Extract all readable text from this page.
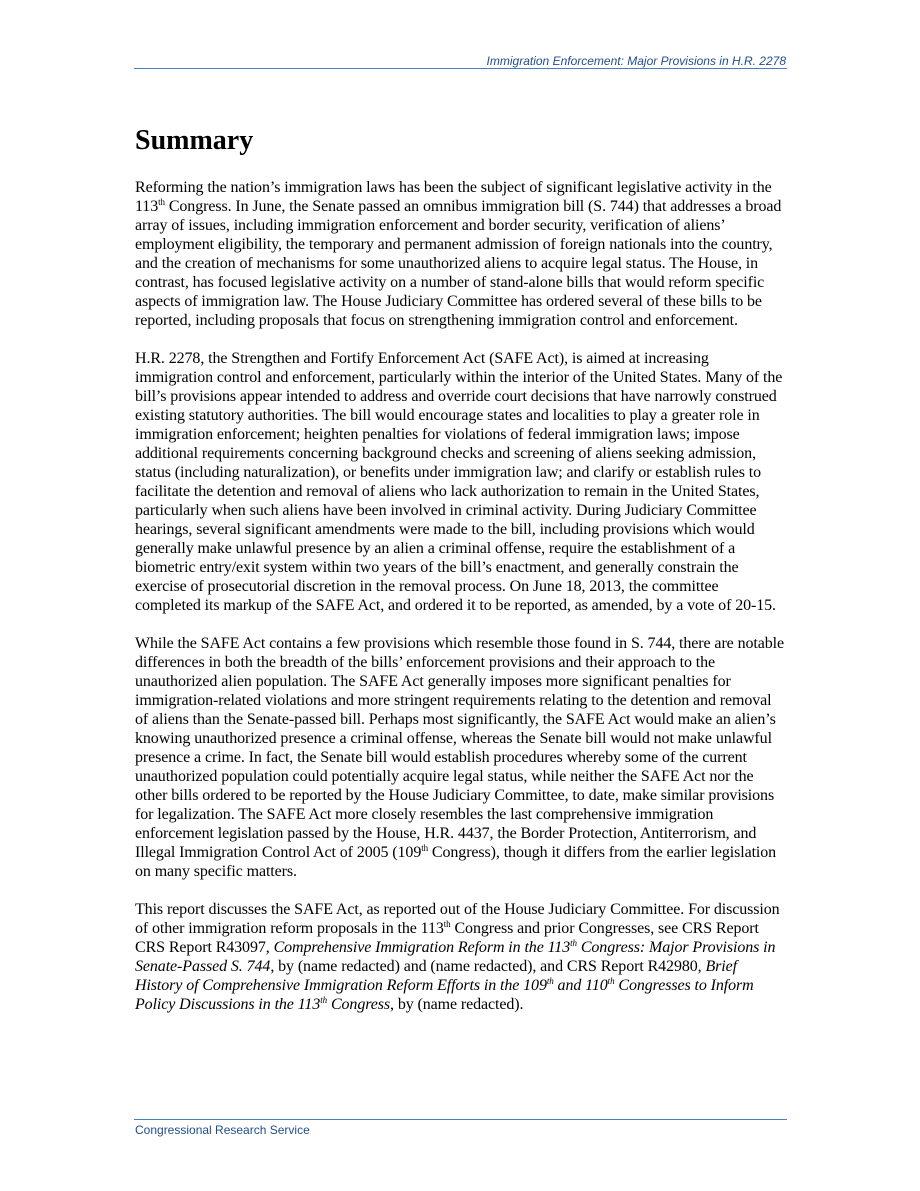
Immigration Enforcement: Major Provisions in H.R. 2278
Summary

Reforming the nation’s immigration laws has been the subject of significant legislative activity in the 113th Congress. In June, the Senate passed an omnibus immigration bill (S. 744) that addresses a broad array of issues, including immigration enforcement and border security, verification of aliens’ employment eligibility, the temporary and permanent admission of foreign nationals into the country, and the creation of mechanisms for some unauthorized aliens to acquire legal status. The House, in contrast, has focused legislative activity on a number of stand-alone bills that would reform specific aspects of immigration law. The House Judiciary Committee has ordered several of these bills to be reported, including proposals that focus on strengthening immigration control and enforcement.

H.R. 2278, the Strengthen and Fortify Enforcement Act (SAFE Act), is aimed at increasing immigration control and enforcement, particularly within the interior of the United States. Many of the bill’s provisions appear intended to address and override court decisions that have narrowly construed existing statutory authorities. The bill would encourage states and localities to play a greater role in immigration enforcement; heighten penalties for violations of federal immigration laws; impose additional requirements concerning background checks and screening of aliens seeking admission, status (including naturalization), or benefits under immigration law; and clarify or establish rules to facilitate the detention and removal of aliens who lack authorization to remain in the United States, particularly when such aliens have been involved in criminal activity. During Judiciary Committee hearings, several significant amendments were made to the bill, including provisions which would generally make unlawful presence by an alien a criminal offense, require the establishment of a biometric entry/exit system within two years of the bill’s enactment, and generally constrain the exercise of prosecutorial discretion in the removal process. On June 18, 2013, the committee completed its markup of the SAFE Act, and ordered it to be reported, as amended, by a vote of 20-15.

While the SAFE Act contains a few provisions which resemble those found in S. 744, there are notable differences in both the breadth of the bills’ enforcement provisions and their approach to the unauthorized alien population. The SAFE Act generally imposes more significant penalties for immigration-related violations and more stringent requirements relating to the detention and removal of aliens than the Senate-passed bill. Perhaps most significantly, the SAFE Act would make an alien’s knowing unauthorized presence a criminal offense, whereas the Senate bill would not make unlawful presence a crime. In fact, the Senate bill would establish procedures whereby some of the current unauthorized population could potentially acquire legal status, while neither the SAFE Act nor the other bills ordered to be reported by the House Judiciary Committee, to date, make similar provisions for legalization. The SAFE Act more closely resembles the last comprehensive immigration enforcement legislation passed by the House, H.R. 4437, the Border Protection, Antiterrorism, and Illegal Immigration Control Act of 2005 (109th Congress), though it differs from the earlier legislation on many specific matters.

This report discusses the SAFE Act, as reported out of the House Judiciary Committee. For discussion of other immigration reform proposals in the 113th Congress and prior Congresses, see CRS Report CRS Report R43097, Comprehensive Immigration Reform in the 113th Congress: Major Provisions in Senate-Passed S. 744, by (name redacted) and (name redacted), and CRS Report R42980, Brief History of Comprehensive Immigration Reform Efforts in the 109th and 110th Congresses to Inform Policy Discussions in the 113th Congress, by (name redacted).

Congressional Research Service
